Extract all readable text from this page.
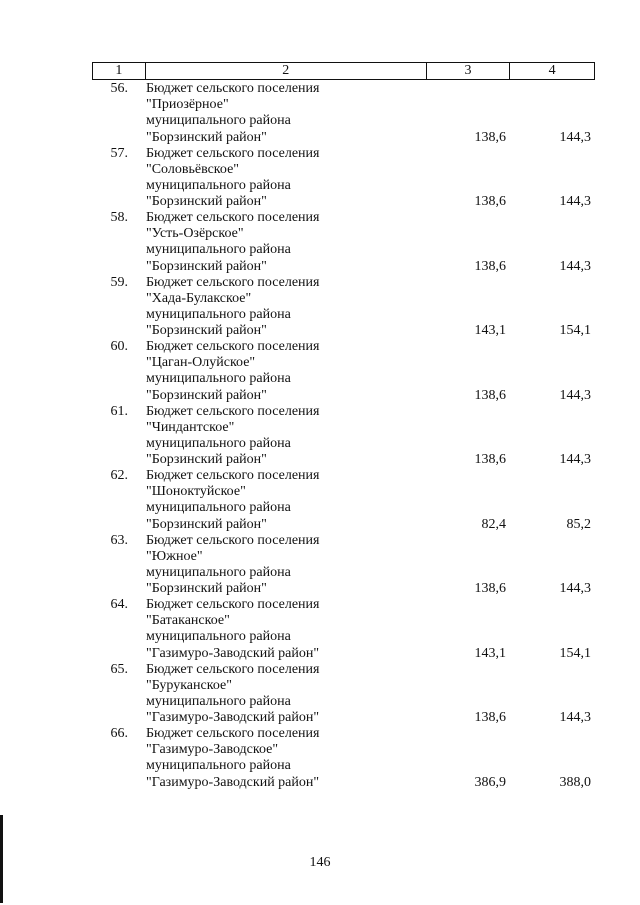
1	2	3	4
56. Бюджет сельского поселения
"Приозёрное"
муниципального района
"Борзинский район"	138,6	144,3
57. Бюджет сельского поселения
"Соловьёвское"
муниципального района
"Борзинский район"	138,6	144,3
58. Бюджет сельского поселения
"Усть-Озёрское"
муниципального района
"Борзинский район"	138,6	144,3
59. Бюджет сельского поселения
"Хада-Булакское"
муниципального района
"Борзинский район"	143,1	154,1
60. Бюджет сельского поселения
"Цаган-Олуйское"
муниципального района
"Борзинский район"	138,6	144,3
61. Бюджет сельского поселения
"Чиндантское"
муниципального района
"Борзинский район"	138,6	144,3
62. Бюджет сельского поселения
"Шоноктуйское"
муниципального района
"Борзинский район"	82,4	85,2
63. Бюджет сельского поселения
"Южное"
муниципального района
"Борзинский район"	138,6	144,3
64. Бюджет сельского поселения
"Батаканское"
муниципального района
"Газимуро-Заводский район"	143,1	154,1
65. Бюджет сельского поселения
"Буруканское"
муниципального района
"Газимуро-Заводский район"	138,6	144,3
66. Бюджет сельского поселения
"Газимуро-Заводское"
муниципального района
"Газимуро-Заводский район"	386,9	388,0
146
